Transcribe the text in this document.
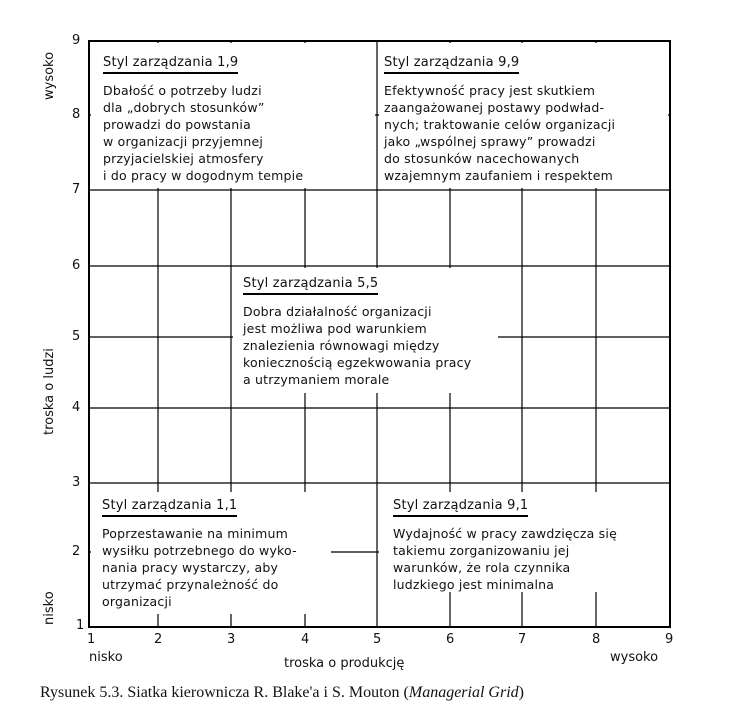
Styl zarządzania 1,9
Dbałość o potrzeby ludzi
dla „dobrych stosunków”
prowadzi do powstania
w organizacji przyjemnej
przyjacielskiej atmosfery
i do pracy w dogodnym tempie
Styl zarządzania 9,9
Efektywność pracy jest skutkiem
zaangażowanej postawy podwład-
nych; traktowanie celów organizacji
jako „wspólnej sprawy” prowadzi
do stosunków nacechowanych
wzajemnym zaufaniem i respektem
Styl zarządzania 5,5
Dobra działalność organizacji
jest możliwa pod warunkiem
znalezienia równowagi między
koniecznością egzekwowania pracy
a utrzymaniem morale
Styl zarządzania 1,1
Poprzestawanie na minimum
wysiłku potrzebnego do wyko-
nania pracy wystarczy, aby
utrzymać przynależność do
organizacji
Styl zarządzania 9,1
Wydajność w pracy zawdzięcza się
takiemu zorganizowaniu jej
warunków, że rola czynnika
ludzkiego jest minimalna
9
8
7
6
5
4
3
2
1
1	2	3	4	5	6	7	8	9
nisko	troska o produkcję	wysoko
wysoko
troska o ludzi
nisko
Rysunek 5.3. Siatka kierownicza R. Blake'a i S. Mouton (Managerial Grid)
